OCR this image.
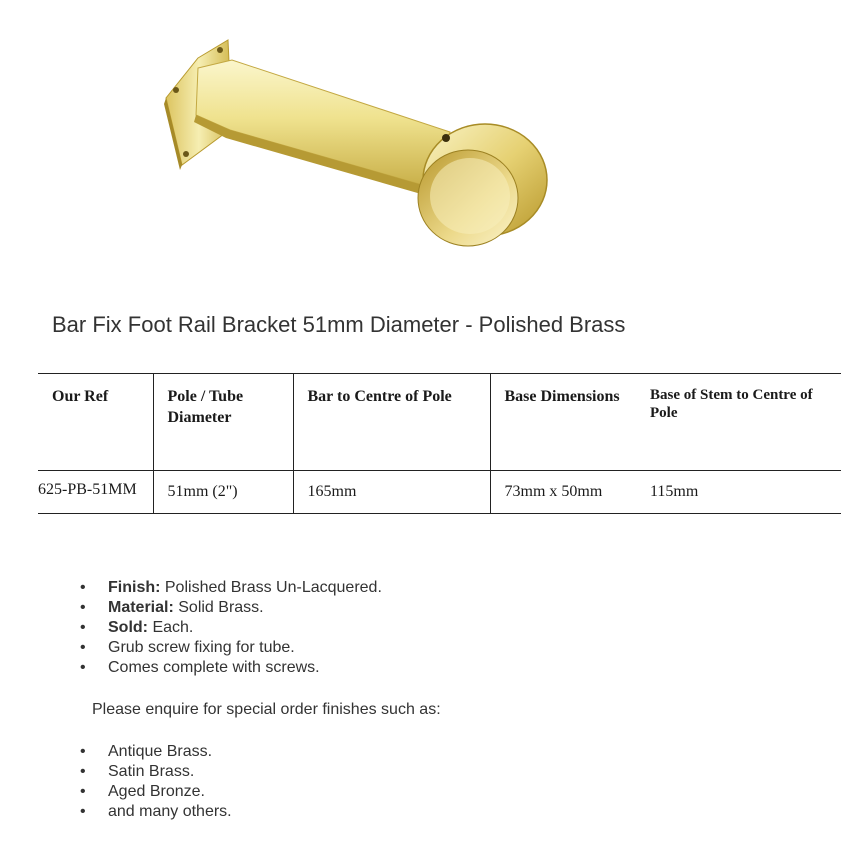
Bar Fix Foot Rail Bracket 51mm Diameter - Polished Brass
Our Ref	Pole / Tube Diameter	Bar to Centre of Pole	Base Dimensions	Base of Stem to Centre of Pole
625-PB-51MM	51mm (2")	165mm	73mm x 50mm	115mm
• Finish: Polished Brass Un-Lacquered.
• Material: Solid Brass.
• Sold: Each.
• Grub screw fixing for tube.
• Comes complete with screws.
Please enquire for special order finishes such as:
• Antique Brass.
• Satin Brass.
• Aged Bronze.
• and many others.
